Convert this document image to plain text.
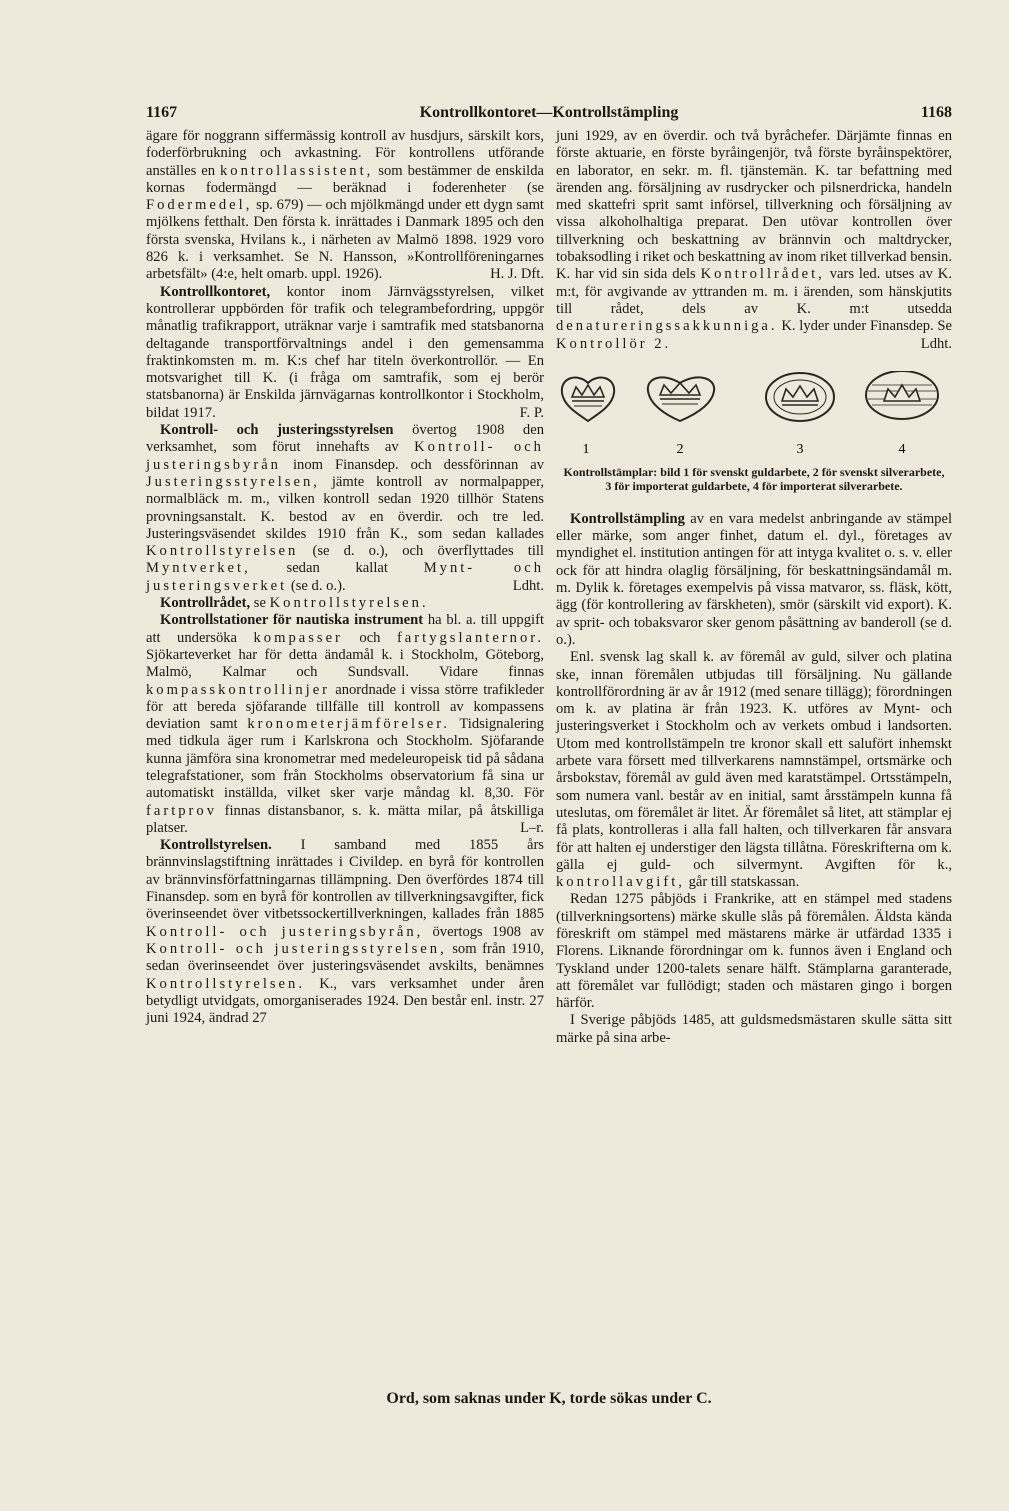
1167	Kontrollkontoret—Kontrollstämpling	1168

ägare för noggrann siffermässig kontroll av husdjurs, särskilt kors, foderförbrukning och avkastning. För kontrollens utförande anställes en kontrollassistent, som bestämmer de enskilda kornas fodermängd — beräknad i foderenheter (se Fodermedel, sp. 679) — och mjölkmängd under ett dygn samt mjölkens fetthalt. Den första k. inrättades i Danmark 1895 och den första svenska, Hvilans k., i närheten av Malmö 1898. 1929 voro 826 k. i verksamhet. Se N. Hansson, »Kontrollföreningarnes arbetsfält» (4:e, helt omarb. uppl. 1926).	H. J. Dft.

Kontrollkontoret, kontor inom Järnvägsstyrelsen, vilket kontrollerar uppbörden för trafik och telegrambefordring, uppgör månatlig trafikrapport, uträknar varje i samtrafik med statsbanorna deltagande transportförvaltnings andel i den gemensamma fraktinkomsten m. m. K:s chef har titeln överkontrollör. — En motsvarighet till K. (i fråga om samtrafik, som ej berör statsbanorna) är Enskilda järnvägarnas kontrollkontor i Stockholm, bildat 1917.	F. P.

Kontroll- och justeringsstyrelsen övertog 1908 den verksamhet, som förut innehafts av Kontroll- och justeringsbyrån inom Finansdep. och dessförinnan av Justeringsstyrelsen, jämte kontroll av normalpapper, normalbläck m. m., vilken kontroll sedan 1920 tillhör Statens provningsanstalt. K. bestod av en överdir. och tre led. Justeringsväsendet skildes 1910 från K., som sedan kallades Kontrollstyrelsen (se d. o.), och överflyttades till Myntverket, sedan kallat Mynt- och justeringsverket (se d. o.).	Ldht.

Kontrollrådet, se Kontrollstyrelsen.

Kontrollstationer för nautiska instrument ha bl. a. till uppgift att undersöka kompasser och fartygslanternor. Sjökarteverket har för detta ändamål k. i Stockholm, Göteborg, Malmö, Kalmar och Sundsvall. Vidare finnas kompasskontrollinjer anordnade i vissa större trafikleder för att bereda sjöfarande tillfälle till kontroll av kompassens deviation samt kronometerjämförelser. Tidsignalering med tidkula äger rum i Karlskrona och Stockholm. Sjöfarande kunna jämföra sina kronometrar med medeleuropeisk tid på sådana telegrafstationer, som från Stockholms observatorium få sina ur automatiskt inställda, vilket sker varje måndag kl. 8,30. För fartprov finnas distansbanor, s. k. mätta milar, på åtskilliga platser.	L–r.

Kontrollstyrelsen. I samband med 1855 års brännvinslagstiftning inrättades i Civildep. en byrå för kontrollen av brännvinsförfattningarnas tillämpning. Den överfördes 1874 till Finansdep. som en byrå för kontrollen av tillverkningsavgifter, fick överinseendet över vitbetssockertillverkningen, kallades från 1885 Kontroll- och justeringsbyrån, övertogs 1908 av Kontroll- och justeringsstyrelsen, som från 1910, sedan överinseendet över justeringsväsendet avskilts, benämnes Kontrollstyrelsen. K., vars verksamhet under åren betydligt utvidgats, omorganiserades 1924. Den består enl. instr. 27 juni 1924, ändrad 27

juni 1929, av en överdir. och två byråchefer. Därjämte finnas en förste aktuarie, en förste byråingenjör, två förste byråinspektörer, en laborator, en sekr. m. fl. tjänstemän. K. tar befattning med ärenden ang. försäljning av rusdrycker och pilsnerdricka, handeln med skattefri sprit samt införsel, tillverkning och försäljning av vissa alkoholhaltiga preparat. Den utövar kontrollen över tillverkning och beskattning av brännvin och maltdrycker, tobaksodling i riket och beskattning av inom riket tillverkad bensin. K. har vid sin sida dels Kontrollrådet, vars led. utses av K. m:t, för avgivande av yttranden m. m. i ärenden, som hänskjutits till rådet, dels av K. m:t utsedda denatureringssakkunniga. K. lyder under Finansdep. Se Kontrollör 2.	Ldht.

1	2	3	4

Kontrollstämplar: bild 1 för svenskt guldarbete, 2 för svenskt silverarbete, 3 för importerat guldarbete, 4 för importerat silverarbete.

Kontrollstämpling av en vara medelst anbringande av stämpel eller märke, som anger finhet, datum el. dyl., företages av myndighet el. institution antingen för att intyga kvalitet o. s. v. eller ock för att hindra olaglig försäljning, för beskattningsändamål m. m. Dylik k. företages exempelvis på vissa matvaror, ss. fläsk, kött, ägg (för kontrollering av färskheten), smör (särskilt vid export). K. av sprit- och tobaksvaror sker genom påsättning av banderoll (se d. o.).

Enl. svensk lag skall k. av föremål av guld, silver och platina ske, innan föremålen utbjudas till försäljning. Nu gällande kontrollförordning är av år 1912 (med senare tillägg); förordningen om k. av platina är från 1923. K. utföres av Mynt- och justeringsverket i Stockholm och av verkets ombud i landsorten. Utom med kontrollstämpeln tre kronor skall ett salufört inhemskt arbete vara försett med tillverkarens namnstämpel, ortsmärke och årsbokstav, föremål av guld även med karatstämpel. Ortsstämpeln, som numera vanl. består av en initial, samt årsstämpeln kunna få uteslutas, om föremålet är litet. Är föremålet så litet, att stämplar ej få plats, kontrolleras i alla fall halten, och tillverkaren får ansvara för att halten ej understiger den lägsta tillåtna. Föreskrifterna om k. gälla ej guld- och silvermynt. Avgiften för k., kontrollavgift, går till statskassan.

Redan 1275 påbjöds i Frankrike, att en stämpel med stadens (tillverkningsortens) märke skulle slås på föremålen. Äldsta kända föreskrift om stämpel med mästarens märke är utfärdad 1335 i Florens. Liknande förordningar om k. funnos även i England och Tyskland under 1200-talets senare hälft. Stämplarna garanterade, att föremålet var fullödigt; staden och mästaren gingo i borgen härför.

I Sverige påbjöds 1485, att guldsmedsmästaren skulle sätta sitt märke på sina arbe-

Ord, som saknas under K, torde sökas under C.
